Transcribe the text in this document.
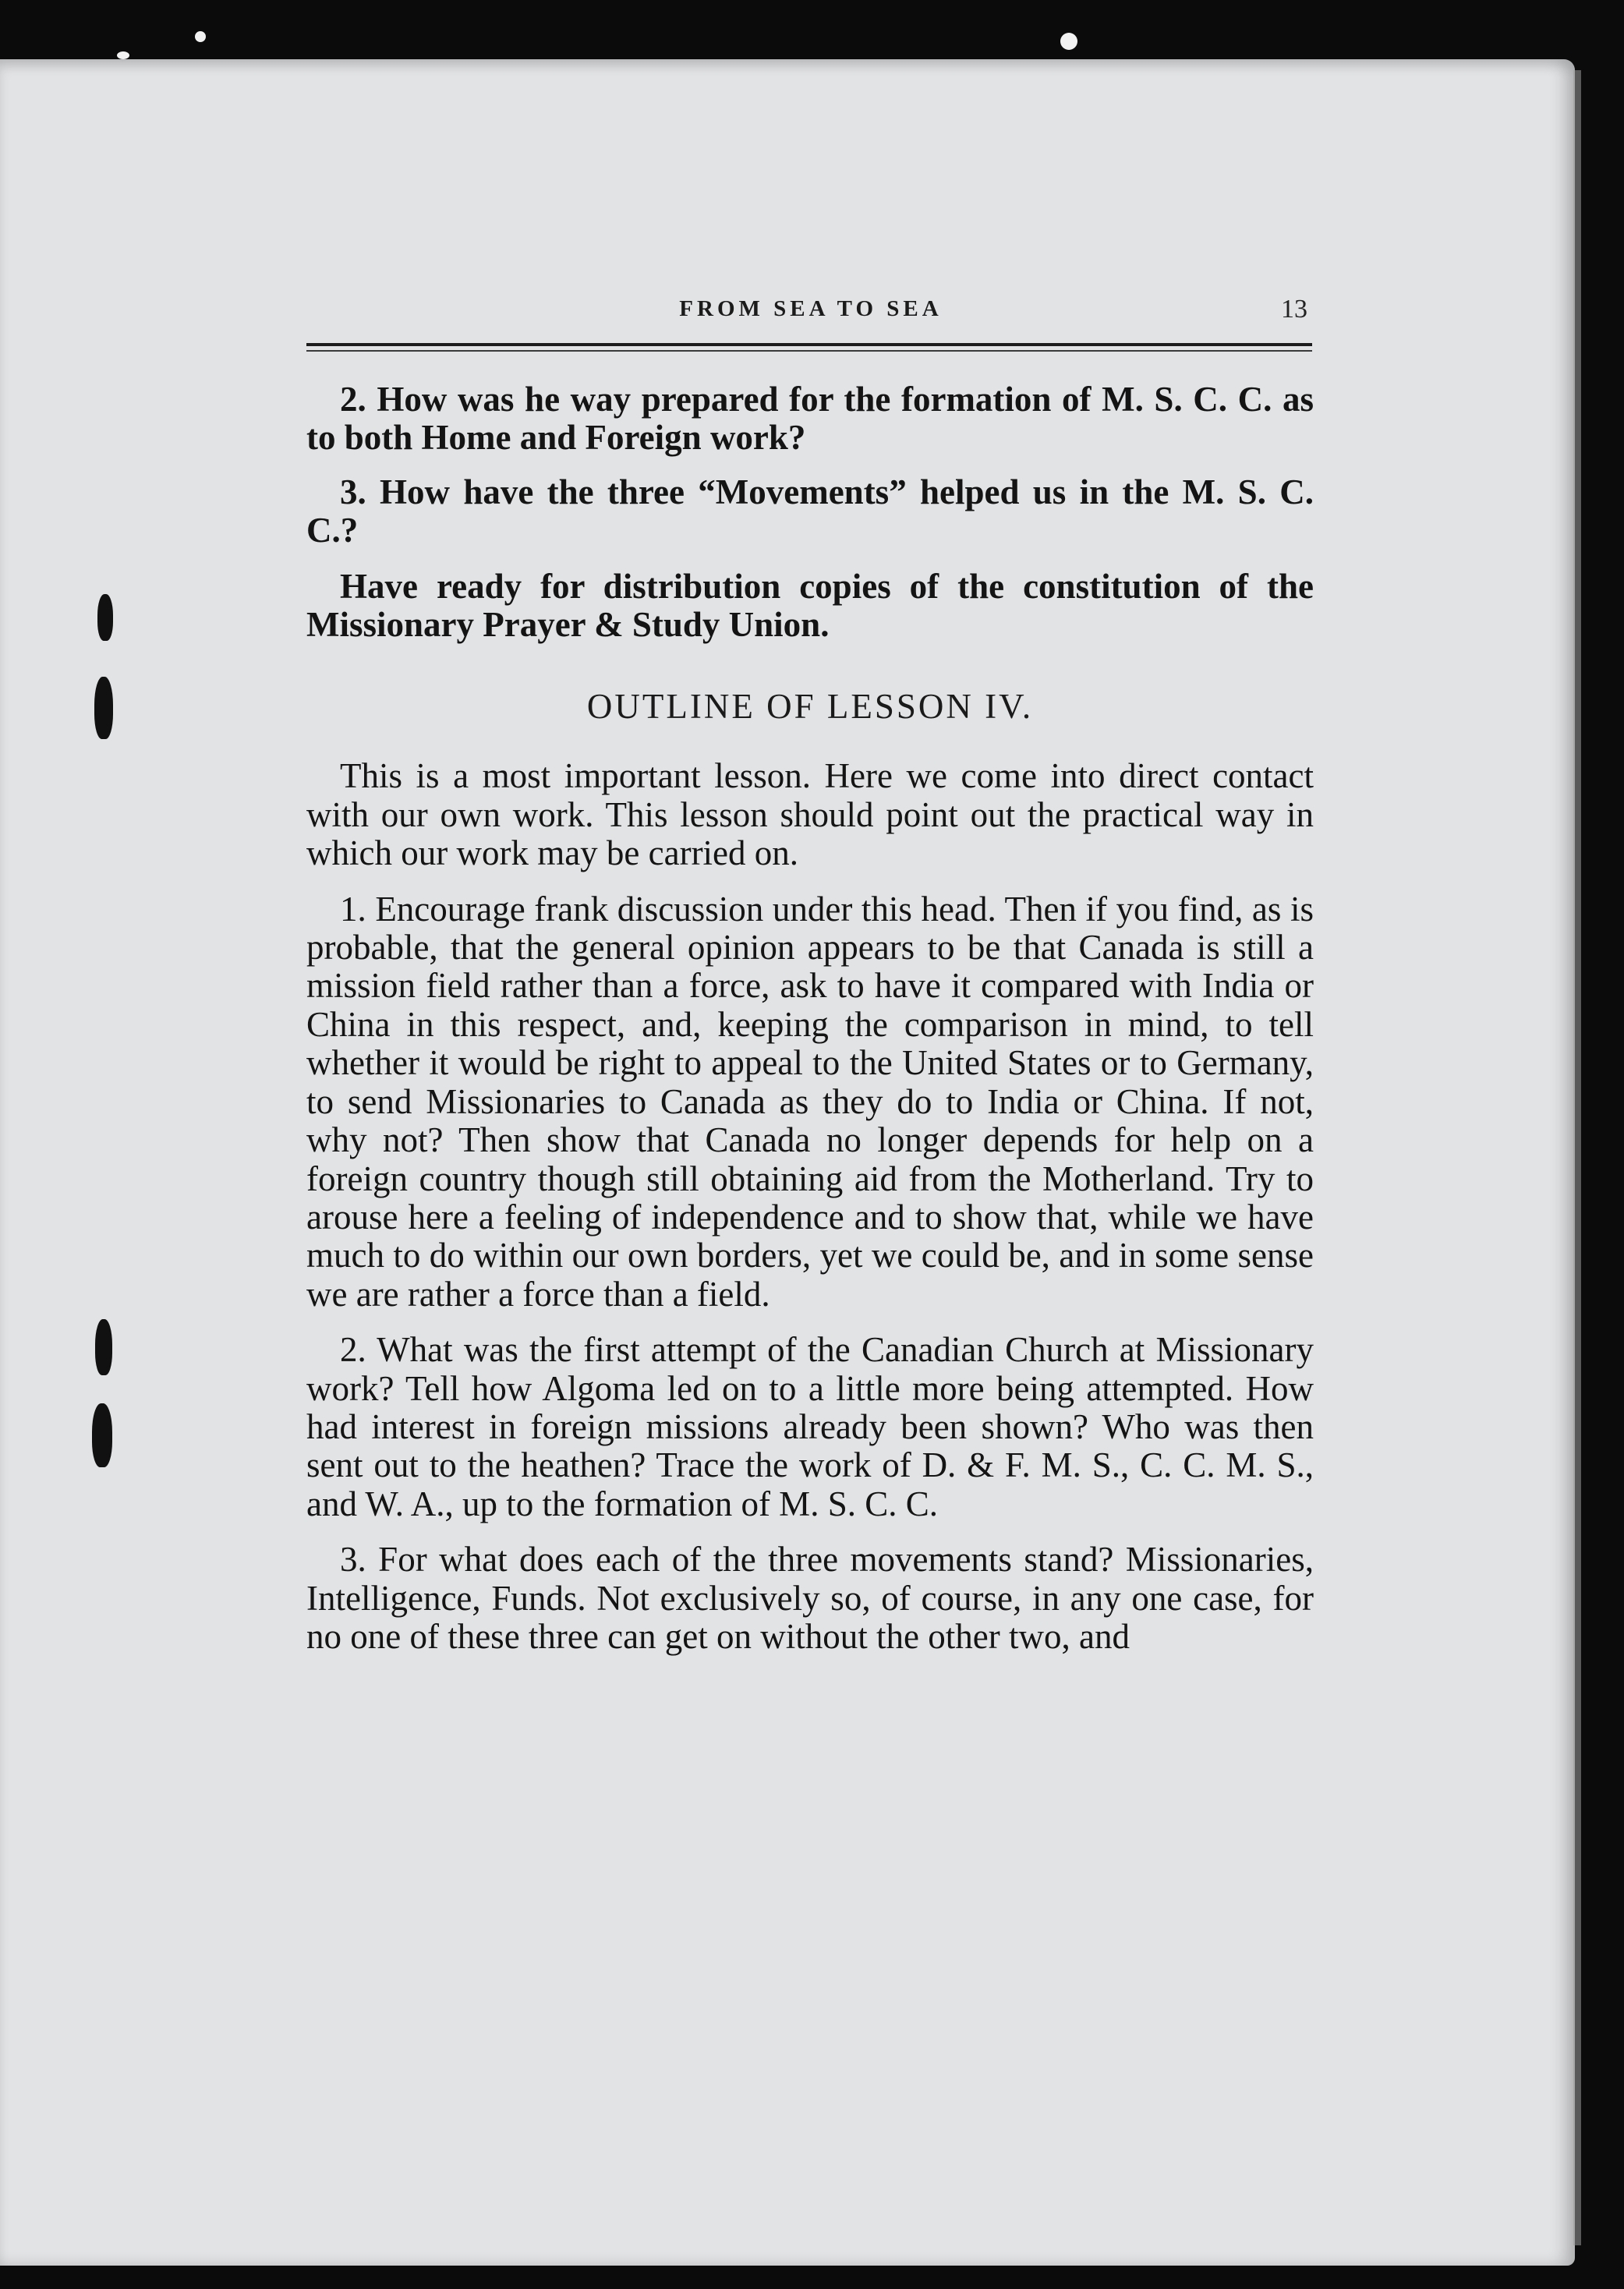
FROM SEA TO SEA	13

2. How was he way prepared for the formation of M. S. C. C. as to both Home and Foreign work?

3. How have the three “Movements” helped us in the M. S. C. C.?

Have ready for distribution copies of the constitution of the Missionary Prayer & Study Union.

OUTLINE OF LESSON IV.

This is a most important lesson. Here we come into direct contact with our own work. This lesson should point out the practical way in which our work may be carried on.

1. Encourage frank discussion under this head. Then if you find, as is probable, that the general opinion appears to be that Canada is still a mission field rather than a force, ask to have it compared with India or China in this respect, and, keeping the comparison in mind, to tell whether it would be right to appeal to the United States or to Germany, to send Missionaries to Canada as they do to India or China. If not, why not? Then show that Canada no longer depends for help on a foreign country though still obtaining aid from the Motherland. Try to arouse here a feeling of independence and to show that, while we have much to do within our own borders, yet we could be, and in some sense we are rather a force than a field.

2. What was the first attempt of the Canadian Church at Missionary work? Tell how Algoma led on to a little more being attempted. How had interest in foreign missions already been shown? Who was then sent out to the heathen? Trace the work of D. & F. M. S., C. C. M. S., and W. A., up to the formation of M. S. C. C.

3. For what does each of the three movements stand? Missionaries, Intelligence, Funds. Not exclusively so, of course, in any one case, for no one of these three can get on without the other two, and
